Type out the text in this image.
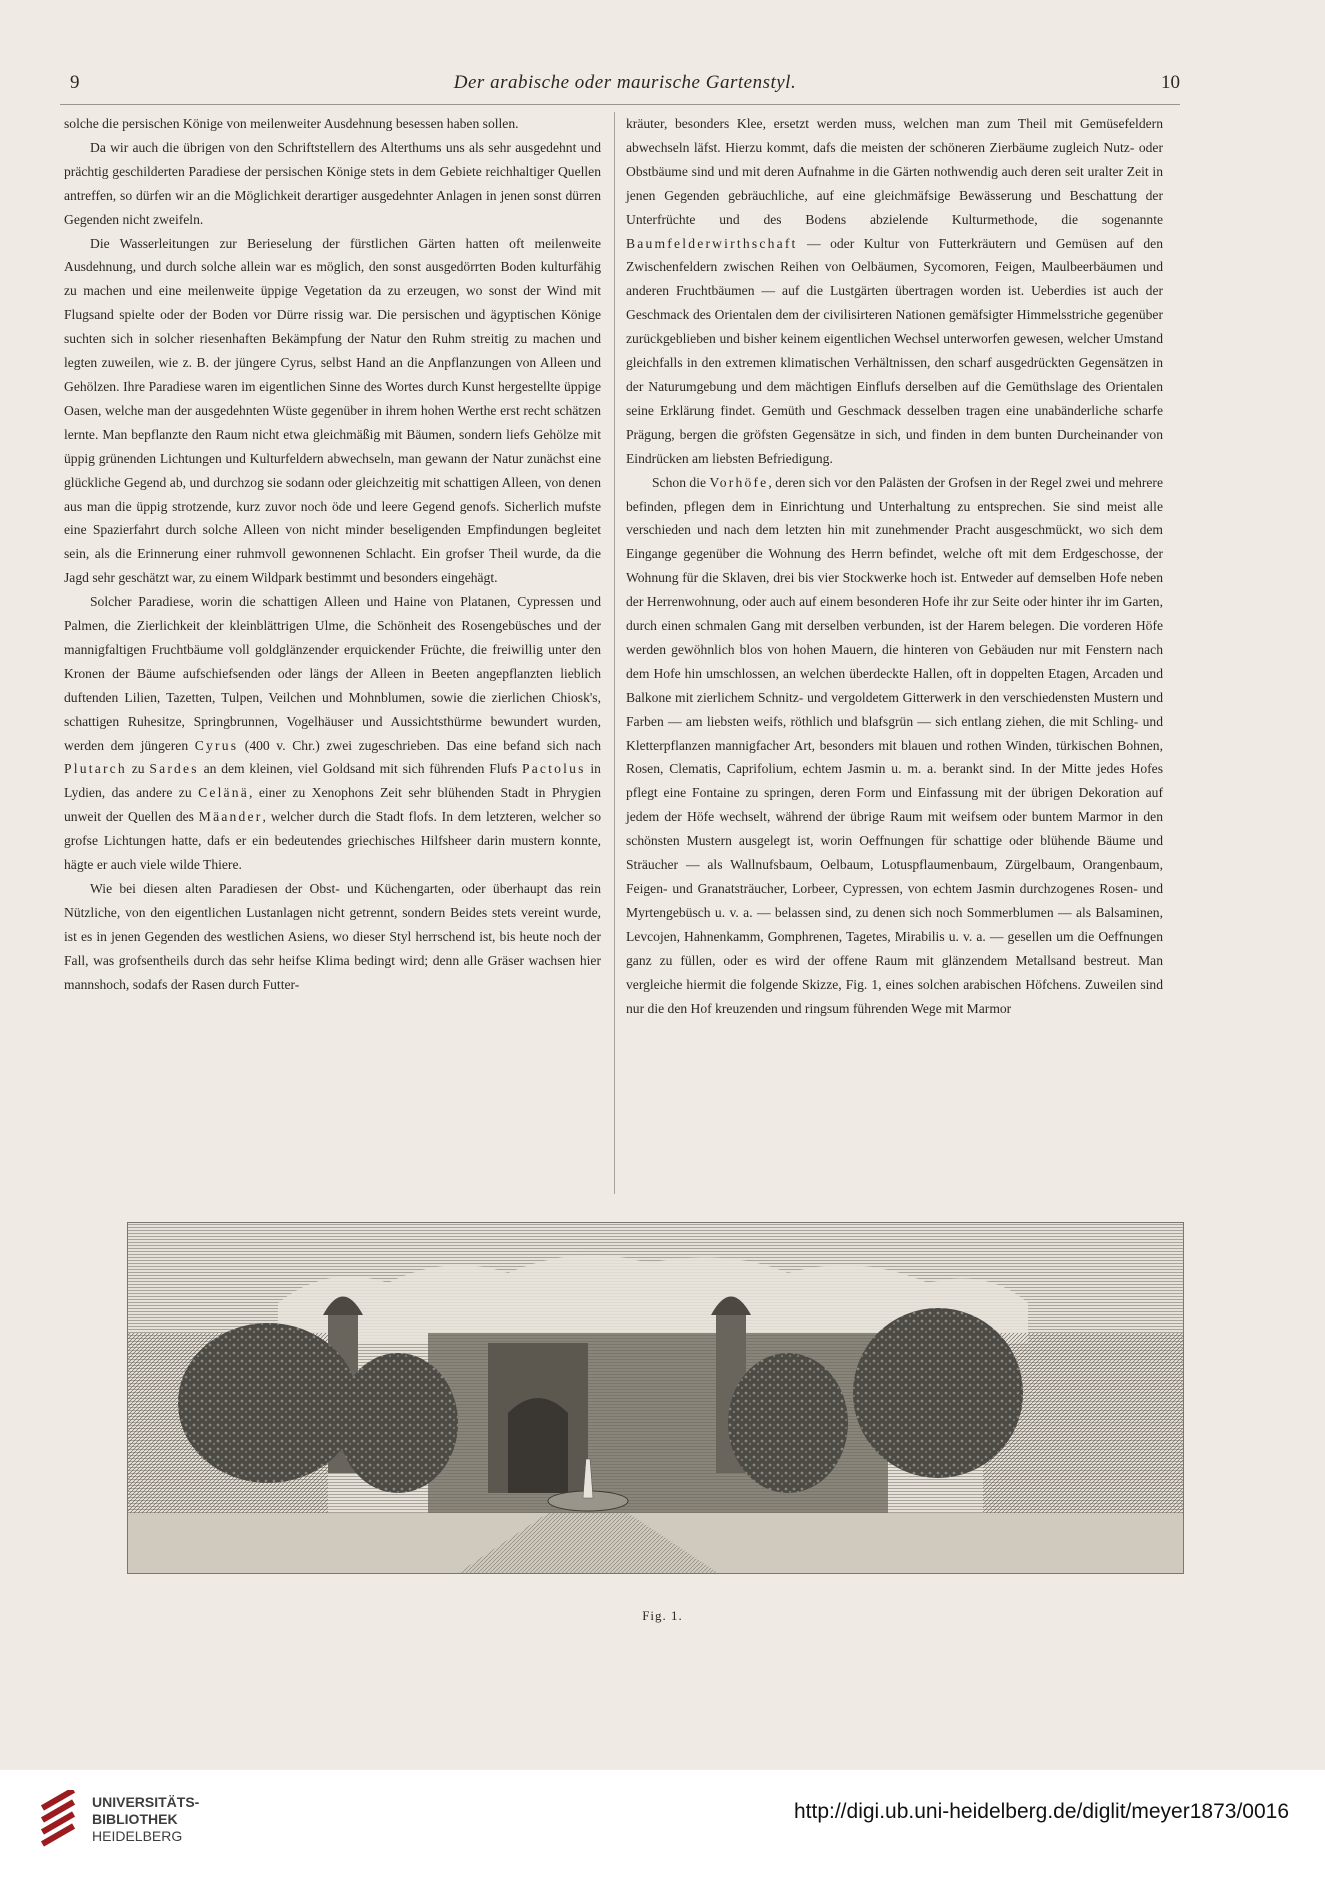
9	Der arabische oder maurische Gartenstyl.	10

solche die persischen Könige von meilenweiter Ausdehnung besessen haben sollen.

Da wir auch die übrigen von den Schriftstellern des Alterthums uns als sehr ausgedehnt und prächtig geschilderten Paradiese der persischen Könige stets in dem Gebiete reichhaltiger Quellen antreffen, so dürfen wir an die Möglichkeit derartiger ausgedehnter Anlagen in jenen sonst dürren Gegenden nicht zweifeln.

Die Wasserleitungen zur Berieselung der fürstlichen Gärten hatten oft meilenweite Ausdehnung, und durch solche allein war es möglich, den sonst ausgedörrten Boden kulturfähig zu machen und eine meilenweite üppige Vegetation da zu erzeugen, wo sonst der Wind mit Flugsand spielte oder der Boden vor Dürre rissig war. Die persischen und ägyptischen Könige suchten sich in solcher riesenhaften Bekämpfung der Natur den Ruhm streitig zu machen und legten zuweilen, wie z. B. der jüngere Cyrus, selbst Hand an die Anpflanzungen von Alleen und Gehölzen. Ihre Paradiese waren im eigentlichen Sinne des Wortes durch Kunst hergestellte üppige Oasen, welche man der ausgedehnten Wüste gegenüber in ihrem hohen Werthe erst recht schätzen lernte. Man bepflanzte den Raum nicht etwa gleichmäßig mit Bäumen, sondern liefs Gehölze mit üppig grünenden Lichtungen und Kulturfeldern abwechseln, man gewann der Natur zunächst eine glückliche Gegend ab, und durchzog sie sodann oder gleichzeitig mit schattigen Alleen, von denen aus man die üppig strotzende, kurz zuvor noch öde und leere Gegend genofs. Sicherlich mufste eine Spazierfahrt durch solche Alleen von nicht minder beseligenden Empfindungen begleitet sein, als die Erinnerung einer ruhmvoll gewonnenen Schlacht. Ein grofser Theil wurde, da die Jagd sehr geschätzt war, zu einem Wildpark bestimmt und besonders eingehägt.

Solcher Paradiese, worin die schattigen Alleen und Haine von Platanen, Cypressen und Palmen, die Zierlichkeit der kleinblättrigen Ulme, die Schönheit des Rosengebüsches und der mannigfaltigen Fruchtbäume voll goldglänzender erquickender Früchte, die freiwillig unter den Kronen der Bäume aufschiefsenden oder längs der Alleen in Beeten angepflanzten lieblich duftenden Lilien, Tazetten, Tulpen, Veilchen und Mohnblumen, sowie die zierlichen Chiosk's, schattigen Ruhesitze, Springbrunnen, Vogelhäuser und Aussichtsthürme bewundert wurden, werden dem jüngeren Cyrus (400 v. Chr.) zwei zugeschrieben. Das eine befand sich nach Plutarch zu Sardes an dem kleinen, viel Goldsand mit sich führenden Flufs Pactolus in Lydien, das andere zu Celänä, einer zu Xenophons Zeit sehr blühenden Stadt in Phrygien unweit der Quellen des Mäander, welcher durch die Stadt flofs. In dem letzteren, welcher so grofse Lichtungen hatte, dafs er ein bedeutendes griechisches Hilfsheer darin mustern konnte, hägte er auch viele wilde Thiere.

Wie bei diesen alten Paradiesen der Obst- und Küchengarten, oder überhaupt das rein Nützliche, von den eigentlichen Lustanlagen nicht getrennt, sondern Beides stets vereint wurde, ist es in jenen Gegenden des westlichen Asiens, wo dieser Styl herrschend ist, bis heute noch der Fall, was grofsentheils durch das sehr heifse Klima bedingt wird; denn alle Gräser wachsen hier mannshoch, sodafs der Rasen durch Futter-

kräuter, besonders Klee, ersetzt werden muss, welchen man zum Theil mit Gemüsefeldern abwechseln läfst. Hierzu kommt, dafs die meisten der schöneren Zierbäume zugleich Nutz- oder Obstbäume sind und mit deren Aufnahme in die Gärten nothwendig auch deren seit uralter Zeit in jenen Gegenden gebräuchliche, auf eine gleichmäfsige Bewässerung und Beschattung der Unterfrüchte und des Bodens abzielende Kulturmethode, die sogenannte Baumfelderwirthschaft — oder Kultur von Futterkräutern und Gemüsen auf den Zwischenfeldern zwischen Reihen von Oelbäumen, Sycomoren, Feigen, Maulbeerbäumen und anderen Fruchtbäumen — auf die Lustgärten übertragen worden ist. Ueberdies ist auch der Geschmack des Orientalen dem der civilisirteren Nationen gemäfsigter Himmelsstriche gegenüber zurückgeblieben und bisher keinem eigentlichen Wechsel unterworfen gewesen, welcher Umstand gleichfalls in den extremen klimatischen Verhältnissen, den scharf ausgedrückten Gegensätzen in der Naturumgebung und dem mächtigen Einflufs derselben auf die Gemüthslage des Orientalen seine Erklärung findet. Gemüth und Geschmack desselben tragen eine unabänderliche scharfe Prägung, bergen die gröfsten Gegensätze in sich, und finden in dem bunten Durcheinander von Eindrücken am liebsten Befriedigung.

Schon die Vorhöfe, deren sich vor den Palästen der Grofsen in der Regel zwei und mehrere befinden, pflegen dem in Einrichtung und Unterhaltung zu entsprechen. Sie sind meist alle verschieden und nach dem letzten hin mit zunehmender Pracht ausgeschmückt, wo sich dem Eingange gegenüber die Wohnung des Herrn befindet, welche oft mit dem Erdgeschosse, der Wohnung für die Sklaven, drei bis vier Stockwerke hoch ist. Entweder auf demselben Hofe neben der Herrenwohnung, oder auch auf einem besonderen Hofe ihr zur Seite oder hinter ihr im Garten, durch einen schmalen Gang mit derselben verbunden, ist der Harem belegen. Die vorderen Höfe werden gewöhnlich blos von hohen Mauern, die hinteren von Gebäuden nur mit Fenstern nach dem Hofe hin umschlossen, an welchen überdeckte Hallen, oft in doppelten Etagen, Arcaden und Balkone mit zierlichem Schnitz- und vergoldetem Gitterwerk in den verschiedensten Mustern und Farben — am liebsten weifs, röthlich und blafsgrün — sich entlang ziehen, die mit Schling- und Kletterpflanzen mannigfacher Art, besonders mit blauen und rothen Winden, türkischen Bohnen, Rosen, Clematis, Caprifolium, echtem Jasmin u. m. a. berankt sind. In der Mitte jedes Hofes pflegt eine Fontaine zu springen, deren Form und Einfassung mit der übrigen Dekoration auf jedem der Höfe wechselt, während der übrige Raum mit weifsem oder buntem Marmor in den schönsten Mustern ausgelegt ist, worin Oeffnungen für schattige oder blühende Bäume und Sträucher — als Wallnufsbaum, Oelbaum, Lotuspflaumenbaum, Zürgelbaum, Orangenbaum, Feigen- und Granatsträucher, Lorbeer, Cypressen, von echtem Jasmin durchzogenes Rosen- und Myrtengebüsch u. v. a. — belassen sind, zu denen sich noch Sommerblumen — als Balsaminen, Levcojen, Hahnenkamm, Gomphrenen, Tagetes, Mirabilis u. v. a. — gesellen um die Oeffnungen ganz zu füllen, oder es wird der offene Raum mit glänzendem Metallsand bestreut. Man vergleiche hiermit die folgende Skizze, Fig. 1, eines solchen arabischen Höfchens. Zuweilen sind nur die den Hof kreuzenden und ringsum führenden Wege mit Marmor

Fig. 1.
UNIVERSITÄTS-
BIBLIOTHEK
HEIDELBERG
http://digi.ub.uni-heidelberg.de/diglit/meyer1873/0016
